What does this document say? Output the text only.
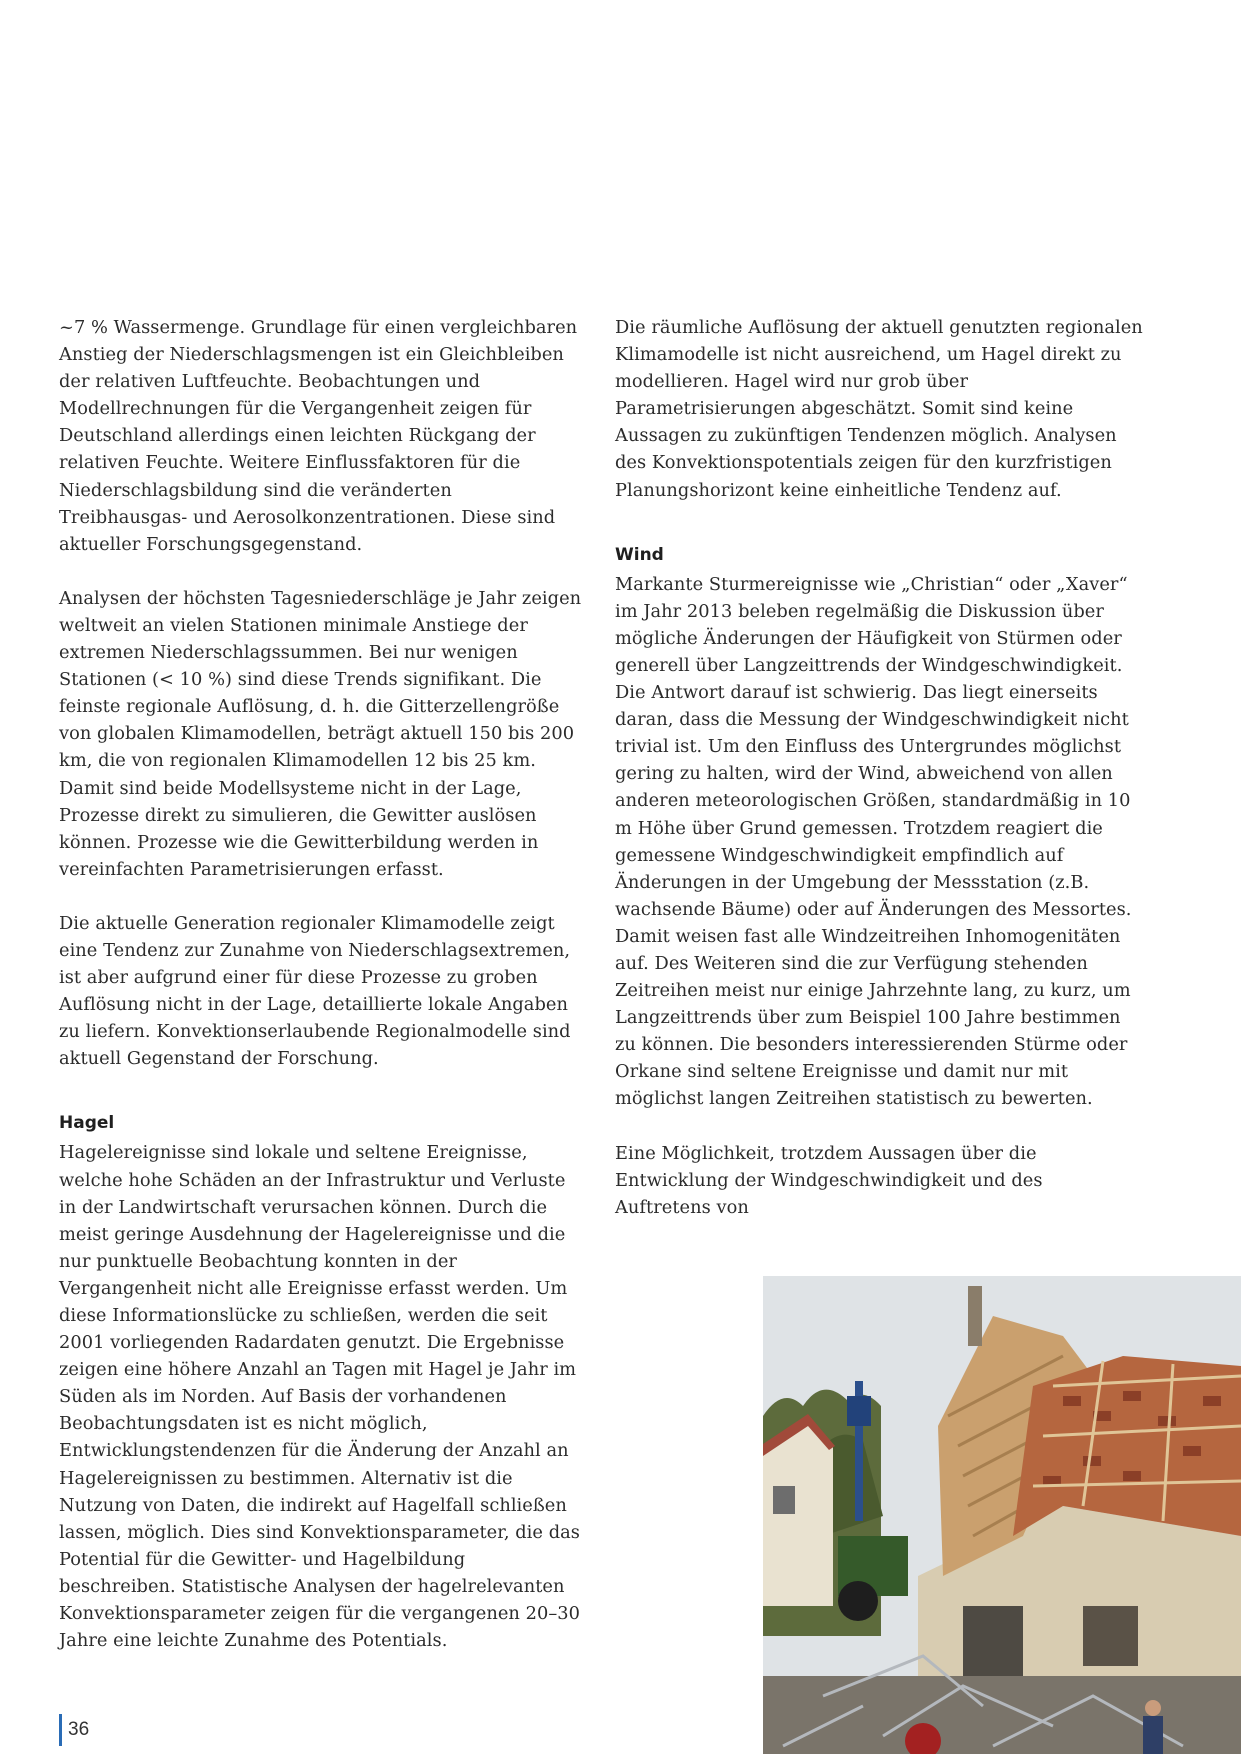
~7 % Wassermenge. Grundlage für einen vergleichbaren Anstieg der Niederschlagsmengen ist ein Gleichbleiben der relativen Luftfeuchte. Beobachtungen und Modellrechnungen für die Vergangenheit zeigen für Deutschland allerdings einen leichten Rückgang der relativen Feuchte. Weitere Einflussfaktoren für die Niederschlagsbildung sind die veränderten Treibhausgas- und Aerosolkonzentrationen. Diese sind aktueller Forschungsgegenstand.

Analysen der höchsten Tagesniederschläge je Jahr zeigen weltweit an vielen Stationen minimale Anstiege der extremen Niederschlagssummen. Bei nur wenigen Stationen (< 10 %) sind diese Trends signifikant. Die feinste regionale Auflösung, d. h. die Gitterzellengröße von globalen Klimamodellen, beträgt aktuell 150 bis 200 km, die von regionalen Klimamodellen 12 bis 25 km. Damit sind beide Modellsysteme nicht in der Lage, Prozesse direkt zu simulieren, die Gewitter auslösen können. Prozesse wie die Gewitterbildung werden in vereinfachten Parametrisierungen erfasst.

Die aktuelle Generation regionaler Klimamodelle zeigt eine Tendenz zur Zunahme von Niederschlagsextremen, ist aber aufgrund einer für diese Prozesse zu groben Auflösung nicht in der Lage, detaillierte lokale Angaben zu liefern. Konvektionserlaubende Regionalmodelle sind aktuell Gegenstand der Forschung.

Hagel

Hagelereignisse sind lokale und seltene Ereignisse, welche hohe Schäden an der Infrastruktur und Verluste in der Landwirtschaft verursachen können. Durch die meist geringe Ausdehnung der Hagelereignisse und die nur punktuelle Beobachtung konnten in der Vergangenheit nicht alle Ereignisse erfasst werden. Um diese Informationslücke zu schließen, werden die seit 2001 vorliegenden Radardaten genutzt. Die Ergebnisse zeigen eine höhere Anzahl an Tagen mit Hagel je Jahr im Süden als im Norden. Auf Basis der vorhandenen Beobachtungsdaten ist es nicht möglich, Entwicklungstendenzen für die Änderung der Anzahl an Hagelereignissen zu bestimmen. Alternativ ist die Nutzung von Daten, die indirekt auf Hagelfall schließen lassen, möglich. Dies sind Konvektionsparameter, die das Potential für die Gewitter- und Hagelbildung beschreiben. Statistische Analysen der hagelrelevanten Konvektionsparameter zeigen für die vergangenen 20–30 Jahre eine leichte Zunahme des Potentials.

Die räumliche Auflösung der aktuell genutzten regionalen Klimamodelle ist nicht ausreichend, um Hagel direkt zu modellieren. Hagel wird nur grob über Parametrisierungen abgeschätzt. Somit sind keine Aussagen zu zukünftigen Tendenzen möglich. Analysen des Konvektionspotentials zeigen für den kurzfristigen Planungshorizont keine einheitliche Tendenz auf.

Wind

Markante Sturmereignisse wie „Christian“ oder „Xaver“ im Jahr 2013 beleben regelmäßig die Diskussion über mögliche Änderungen der Häufigkeit von Stürmen oder generell über Langzeittrends der Windgeschwindigkeit. Die Antwort darauf ist schwierig. Das liegt einerseits daran, dass die Messung der Windgeschwindigkeit nicht trivial ist. Um den Einfluss des Untergrundes möglichst gering zu halten, wird der Wind, abweichend von allen anderen meteorologischen Größen, standardmäßig in 10 m Höhe über Grund gemessen. Trotzdem reagiert die gemessene Windgeschwindigkeit empfindlich auf Änderungen in der Umgebung der Messstation (z.B. wachsende Bäume) oder auf Änderungen des Messortes. Damit weisen fast alle Windzeitreihen Inhomogenitäten auf. Des Weiteren sind die zur Verfügung stehenden Zeitreihen meist nur einige Jahrzehnte lang, zu kurz, um Langzeittrends über zum Beispiel 100 Jahre bestimmen zu können. Die besonders interessierenden Stürme oder Orkane sind seltene Ereignisse und damit nur mit möglichst langen Zeitreihen statistisch zu bewerten.

Eine Möglichkeit, trotzdem Aussagen über die Entwicklung der Windgeschwindigkeit und des Auftretens von

36
